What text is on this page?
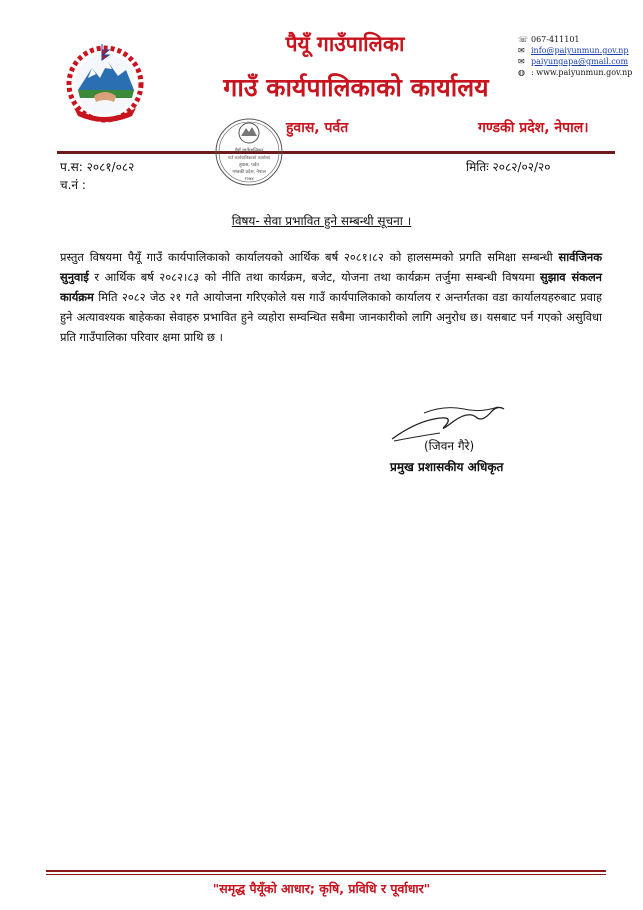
पैयूँ गाउँपालिका
गाउँ कार्यपालिकाको कार्यालय
हुवास, पर्वत	गण्डकी प्रदेश, नेपाल।
☏ 067-411101
✉ info@paiyunmun.gov.np
✉ paiyungapa@gmail.com
◍ : www.paiyunmun.gov.np
पैयूँ गाउँपालिका
गाउँ कार्यपालिकाको कार्यालय
हुवास, पर्वत
गण्डकी प्रदेश, नेपाल
२०७४
प.स: २०८१/०८२
च.नं :
मितिः २०८२/०२/२०
विषय- सेवा प्रभावित हुने सम्बन्धी सूचना ।
प्रस्तुत विषयमा पैयूँ गाउँ कार्यपालिकाको कार्यालयको आर्थिक बर्ष २०८१।८२ को हालसम्मको प्रगति समिक्षा सम्बन्धी सार्वजिनक सुनुवाई र आर्थिक बर्ष २०८२।८३ को नीति तथा कार्यक्रम, बजेट, योजना तथा कार्यक्रम तर्जुमा सम्बन्धी विषयमा सुझाव संकलन कार्यक्रम मिति २०८२ जेठ २१ गते आयोजना गरिएकोले यस गाउँ कार्यपालिकाको कार्यालय र अन्तर्गतका वडा कार्यालयहरुबाट प्रवाह हुने अत्यावश्यक बाहेकका सेवाहरु प्रभावित हुने व्यहोरा सम्वन्धित सबैमा जानकारीको लागि अनुरोध छ। यसबाट पर्न गएको असुविधा प्रति गाउँपालिका परिवार क्षमा प्राथि छ ।
(जिवन गैरे)
प्रमुख प्रशासकीय अधिकृत
"समृद्ध पैयूँको आधार; कृषि, प्रविधि र पूर्वाधार"
